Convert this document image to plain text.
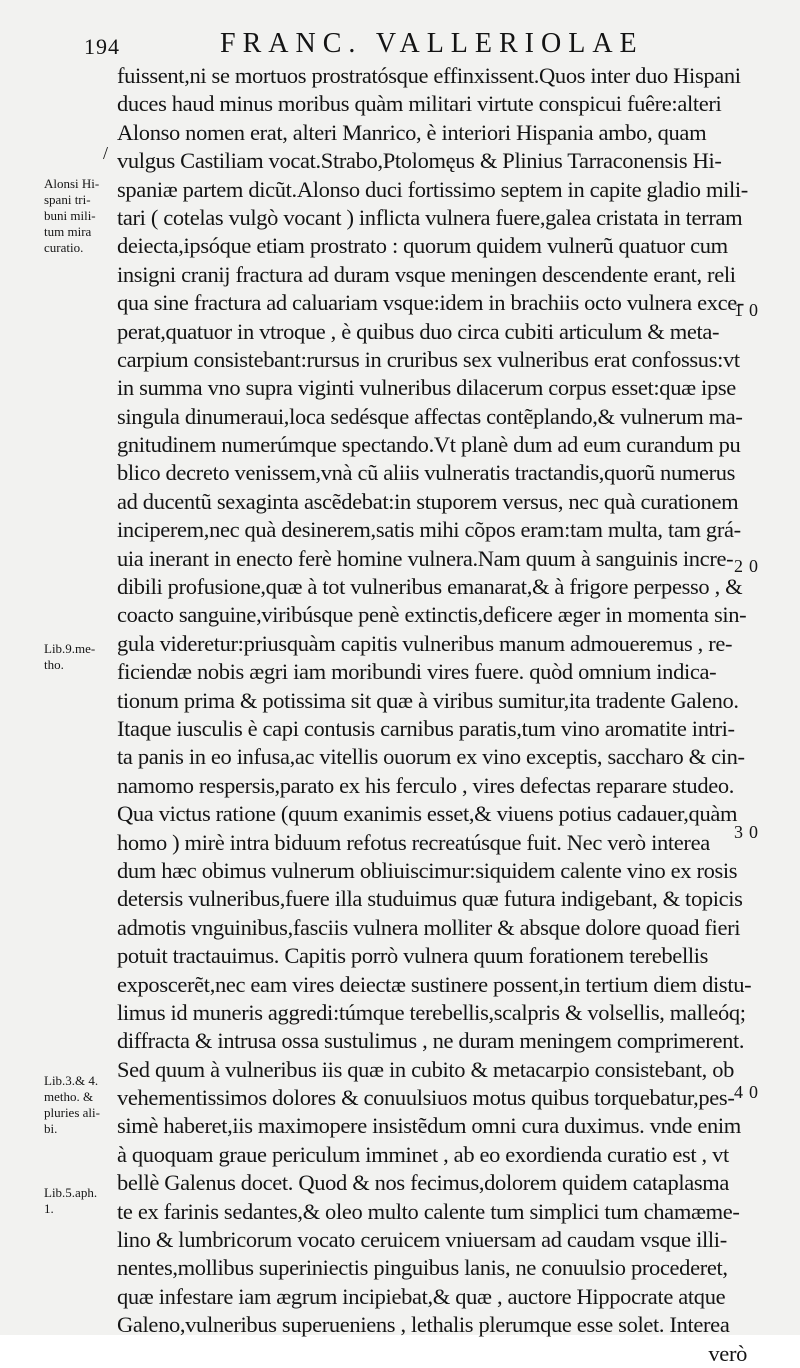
194	FRANC. VALLERIOLAE
/
Alonsi Hi-
spani tri-
buni mili-
tum mira
curatio.
Lib.9.me-
tho.
Lib.3.& 4.
metho. &
pluries ali-
bi.
Lib.5.aph.
1.
10
20
30
40
fuissent,ni se mortuos prostratósque effinxissent.Quos inter duo Hispani
duces haud minus moribus quàm militari virtute conspicui fuêre:alteri
Alonso nomen erat, alteri Manrico, è interiori Hispania ambo, quam
vulgus Castiliam vocat.Strabo,Ptolomęus & Plinius Tarraconensis Hi-
spaniæ partem dicũt.Alonso duci fortissimo septem in capite gladio mili-
tari ( cotelas vulgò vocant ) inflicta vulnera fuere,galea cristata in terram
deiecta,ipsóque etiam prostrato : quorum quidem vulnerũ quatuor cum
insigni cranij fractura ad duram vsque meningen descendente erant, reli
qua sine fractura ad caluariam vsque:idem in brachiis octo vulnera exce-
perat,quatuor in vtroque , è quibus duo circa cubiti articulum & meta-
carpium consistebant:rursus in cruribus sex vulneribus erat confossus:vt
in summa vno supra viginti vulneribus dilacerum corpus esset:quæ ipse
singula dinumeraui,loca sedésque affectas contẽplando,& vulnerum ma-
gnitudinem numerúmque spectando.Vt planè dum ad eum curandum pu
blico decreto venissem,vnà cũ aliis vulneratis tractandis,quorũ numerus
ad ducentũ sexaginta ascẽdebat:in stuporem versus, nec quà curationem
inciperem,nec quà desinerem,satis mihi cõpos eram:tam multa, tam grá-
uia inerant in enecto ferè homine vulnera.Nam quum à sanguinis incre-
dibili profusione,quæ à tot vulneribus emanarat,& à frigore perpesso , &
coacto sanguine,viribúsque penè extinctis,deficere æger in momenta sin-
gula videretur:priusquàm capitis vulneribus manum admoueremus , re-
ficiendæ nobis ægri iam moribundi vires fuere. quòd omnium indica-
tionum prima & potissima sit quæ à viribus sumitur,ita tradente Galeno.
Itaque iusculis è capi contusis carnibus paratis,tum vino aromatite intri-
ta panis in eo infusa,ac vitellis ouorum ex vino exceptis, saccharo & cin-
namomo respersis,parato ex his ferculo , vires defectas reparare studeo.
Qua victus ratione (quum exanimis esset,& viuens potius cadauer,quàm
homo ) mirè intra biduum refotus recreatúsque fuit. Nec verò interea
dum hæc obimus vulnerum obliuiscimur:siquidem calente vino ex rosis
detersis vulneribus,fuere illa studuimus quæ futura indigebant, & topicis
admotis vnguinibus,fasciis vulnera molliter & absque dolore quoad fieri
potuit tractauimus. Capitis porrò vulnera quum forationem terebellis
exposcerẽt,nec eam vires deiectæ sustinere possent,in tertium diem distu-
limus id muneris aggredi:túmque terebellis,scalpris & volsellis, malleóq;
diffracta & intrusa ossa sustulimus , ne duram meningem comprimerent.
Sed quum à vulneribus iis quæ in cubito & metacarpio consistebant, ob
vehementissimos dolores & conuulsiuos motus quibus torquebatur,pes-
simè haberet,iis maximopere insistẽdum omni cura duximus. vnde enim
à quoquam graue periculum imminet , ab eo exordienda curatio est , vt
bellè Galenus docet. Quod & nos fecimus,dolorem quidem cataplasma
te ex farinis sedantes,& oleo multo calente tum simplici tum chamæme-
lino & lumbricorum vocato ceruicem vniuersam ad caudam vsque illi-
nentes,mollibus superiniectis pinguibus lanis, ne conuulsio procederet,
quæ infestare iam ægrum incipiebat,& quæ , auctore Hippocrate atque
Galeno,vulneribus superueniens , lethalis plerumque esse solet. Interea
verò
